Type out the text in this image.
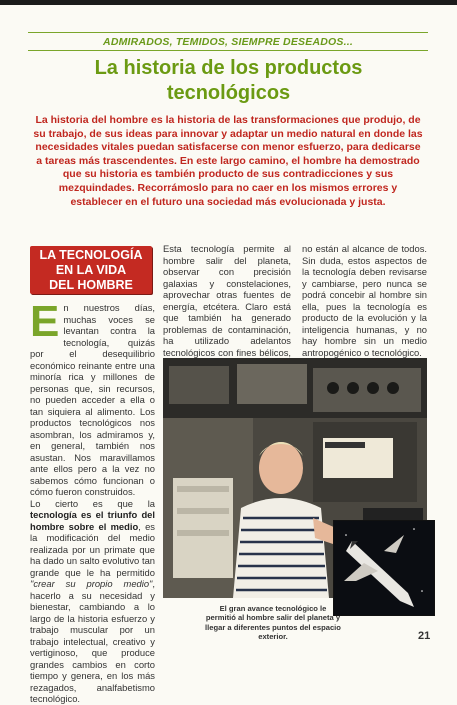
ADMIRADOS, TEMIDOS, SIEMPRE DESEADOS...
La historia de los productos
tecnológicos

La historia del hombre es la historia de las transformaciones que produjo, de su trabajo, de sus ideas para innovar y adaptar un medio natural en donde las necesidades vitales puedan satisfacerse con menor esfuerzo, para dedicarse a tareas más trascendentes. En este largo camino, el hombre ha demostrado que su historia es también producto de sus contradicciones y sus mezquindades. Recorrámoslo para no caer en los mismos errores y establecer en el futuro una sociedad más evolucionada y justa.

LA TECNOLOGÍA
EN LA VIDA
DEL HOMBRE

En nuestros días, muchas voces se levantan contra la tecnología, quizás por el desequilibrio económico reinante entre una minoría rica y millones de personas que, sin recursos, no pueden acceder a ella o tan siquiera al alimento. Los productos tecnológicos nos asombran, los admiramos y, en general, también nos asustan. Nos maravillamos ante ellos pero a la vez no sabemos cómo funcionan o cómo fueron construidos.

Lo cierto es que la tecnología es el triunfo del hombre sobre el medio, es la modificación del medio realizada por un primate que ha dado un salto evolutivo tan grande que le ha permitido "crear su propio medio", hacerlo a su necesidad y bienestar, cambiando a lo largo de la historia esfuerzo y trabajo muscular por un trabajo intelectual, creativo y vertiginoso, que produce grandes cambios en corto tiempo y genera, en los más rezagados, analfabetismo tecnológico.

Esta tecnología permite al hombre salir del planeta, observar con precisión galaxias y constelaciones, aprovechar otras fuentes de energía, etcétera. Claro está que también ha generado problemas de contaminación, ha utilizado adelantos tecnológicos con fines bélicos,

no están al alcance de todos. Sin duda, estos aspectos de la tecnología deben revisarse y cambiarse, pero nunca se podrá concebir al hombre sin ella, pues la tecnología es producto de la evolución y la inteligencia humanas, y no hay hombre sin un medio antropogénico o tecnológico.

El gran avance tecnológico le permitió al hombre salir del planeta y llegar a diferentes puntos del espacio exterior.	21
